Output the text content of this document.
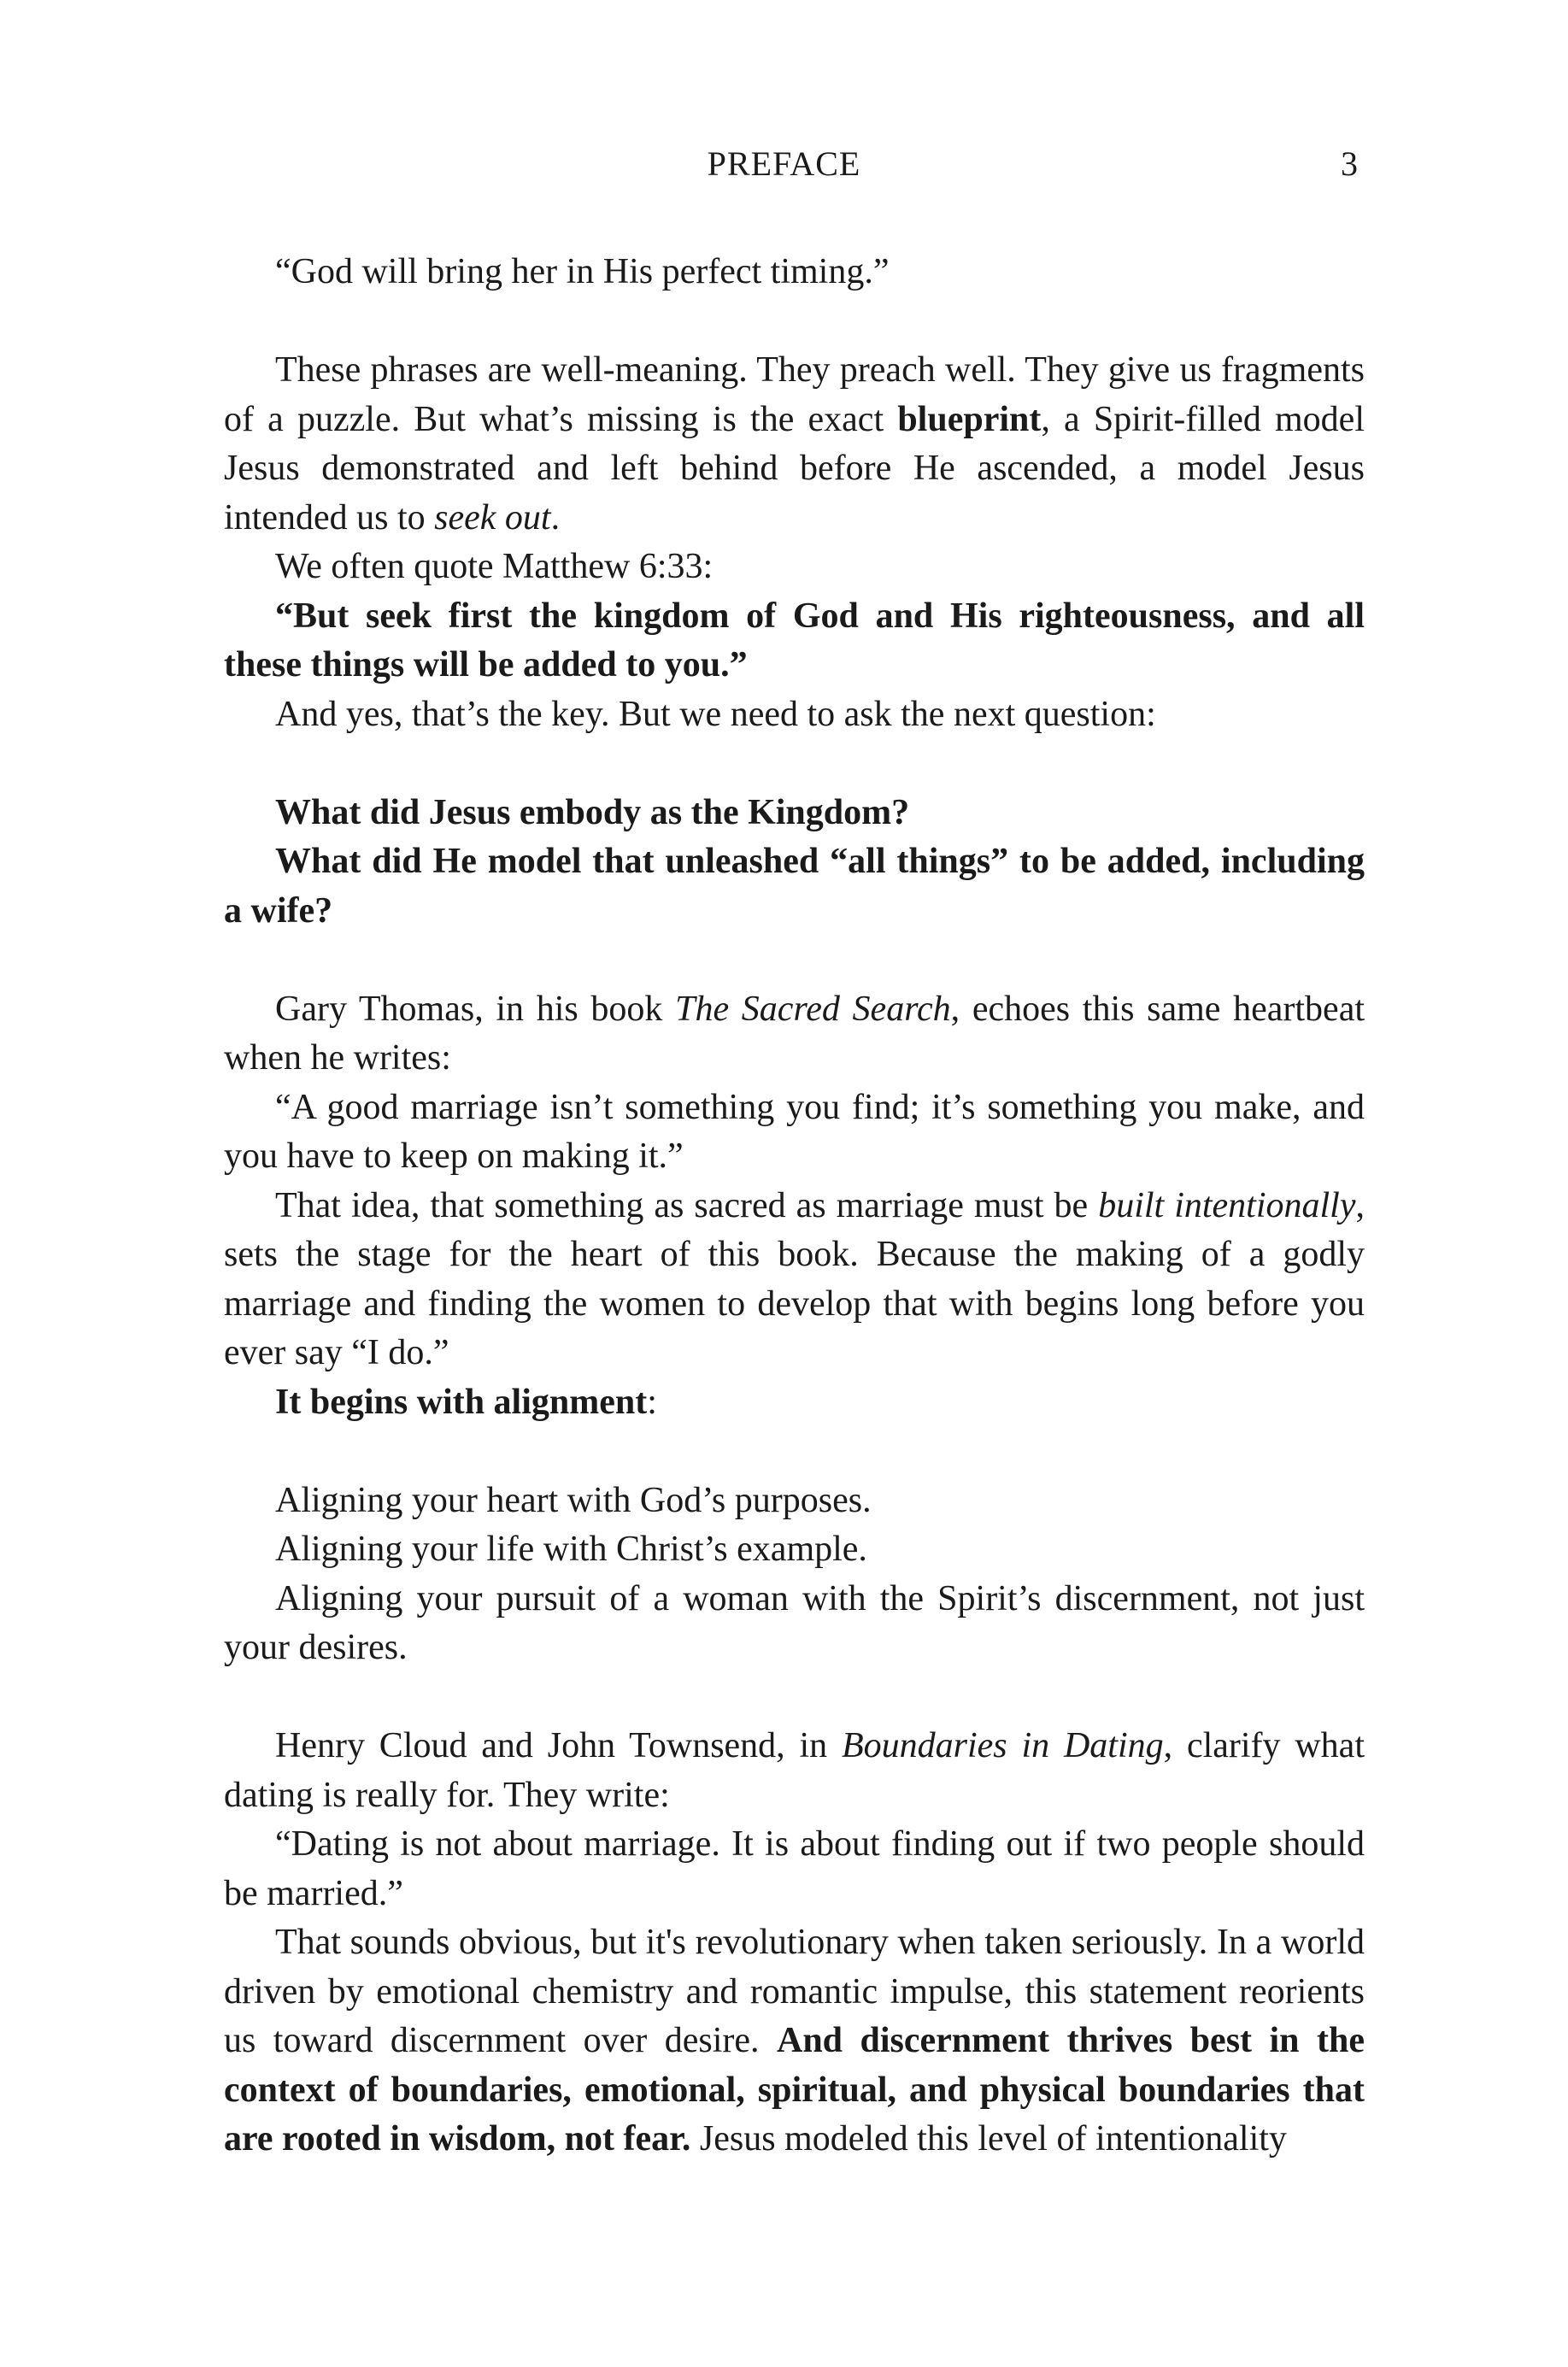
PREFACE	3

“God will bring her in His perfect timing.”

These phrases are well-meaning. They preach well. They give us fragments of a puzzle. But what’s missing is the exact blueprint, a Spirit-filled model Jesus demonstrated and left behind before He ascended, a model Jesus intended us to seek out.

We often quote Matthew 6:33:

“But seek first the kingdom of God and His righteousness, and all these things will be added to you.”

And yes, that’s the key. But we need to ask the next question:

What did Jesus embody as the Kingdom?

What did He model that unleashed “all things” to be added, including a wife?

Gary Thomas, in his book The Sacred Search, echoes this same heartbeat when he writes:

“A good marriage isn’t something you find; it’s something you make, and you have to keep on making it.”

That idea, that something as sacred as marriage must be built intentionally, sets the stage for the heart of this book. Because the making of a godly marriage and finding the women to develop that with begins long before you ever say “I do.”

It begins with alignment:

Aligning your heart with God’s purposes.

Aligning your life with Christ’s example.

Aligning your pursuit of a woman with the Spirit’s discernment, not just your desires.

Henry Cloud and John Townsend, in Boundaries in Dating, clarify what dating is really for. They write:

“Dating is not about marriage. It is about finding out if two people should be married.”

That sounds obvious, but it's revolutionary when taken seriously. In a world driven by emotional chemistry and romantic impulse, this statement reorients us toward discernment over desire. And discernment thrives best in the context of boundaries, emotional, spiritual, and physical boundaries that are rooted in wisdom, not fear. Jesus modeled this level of intentionality
